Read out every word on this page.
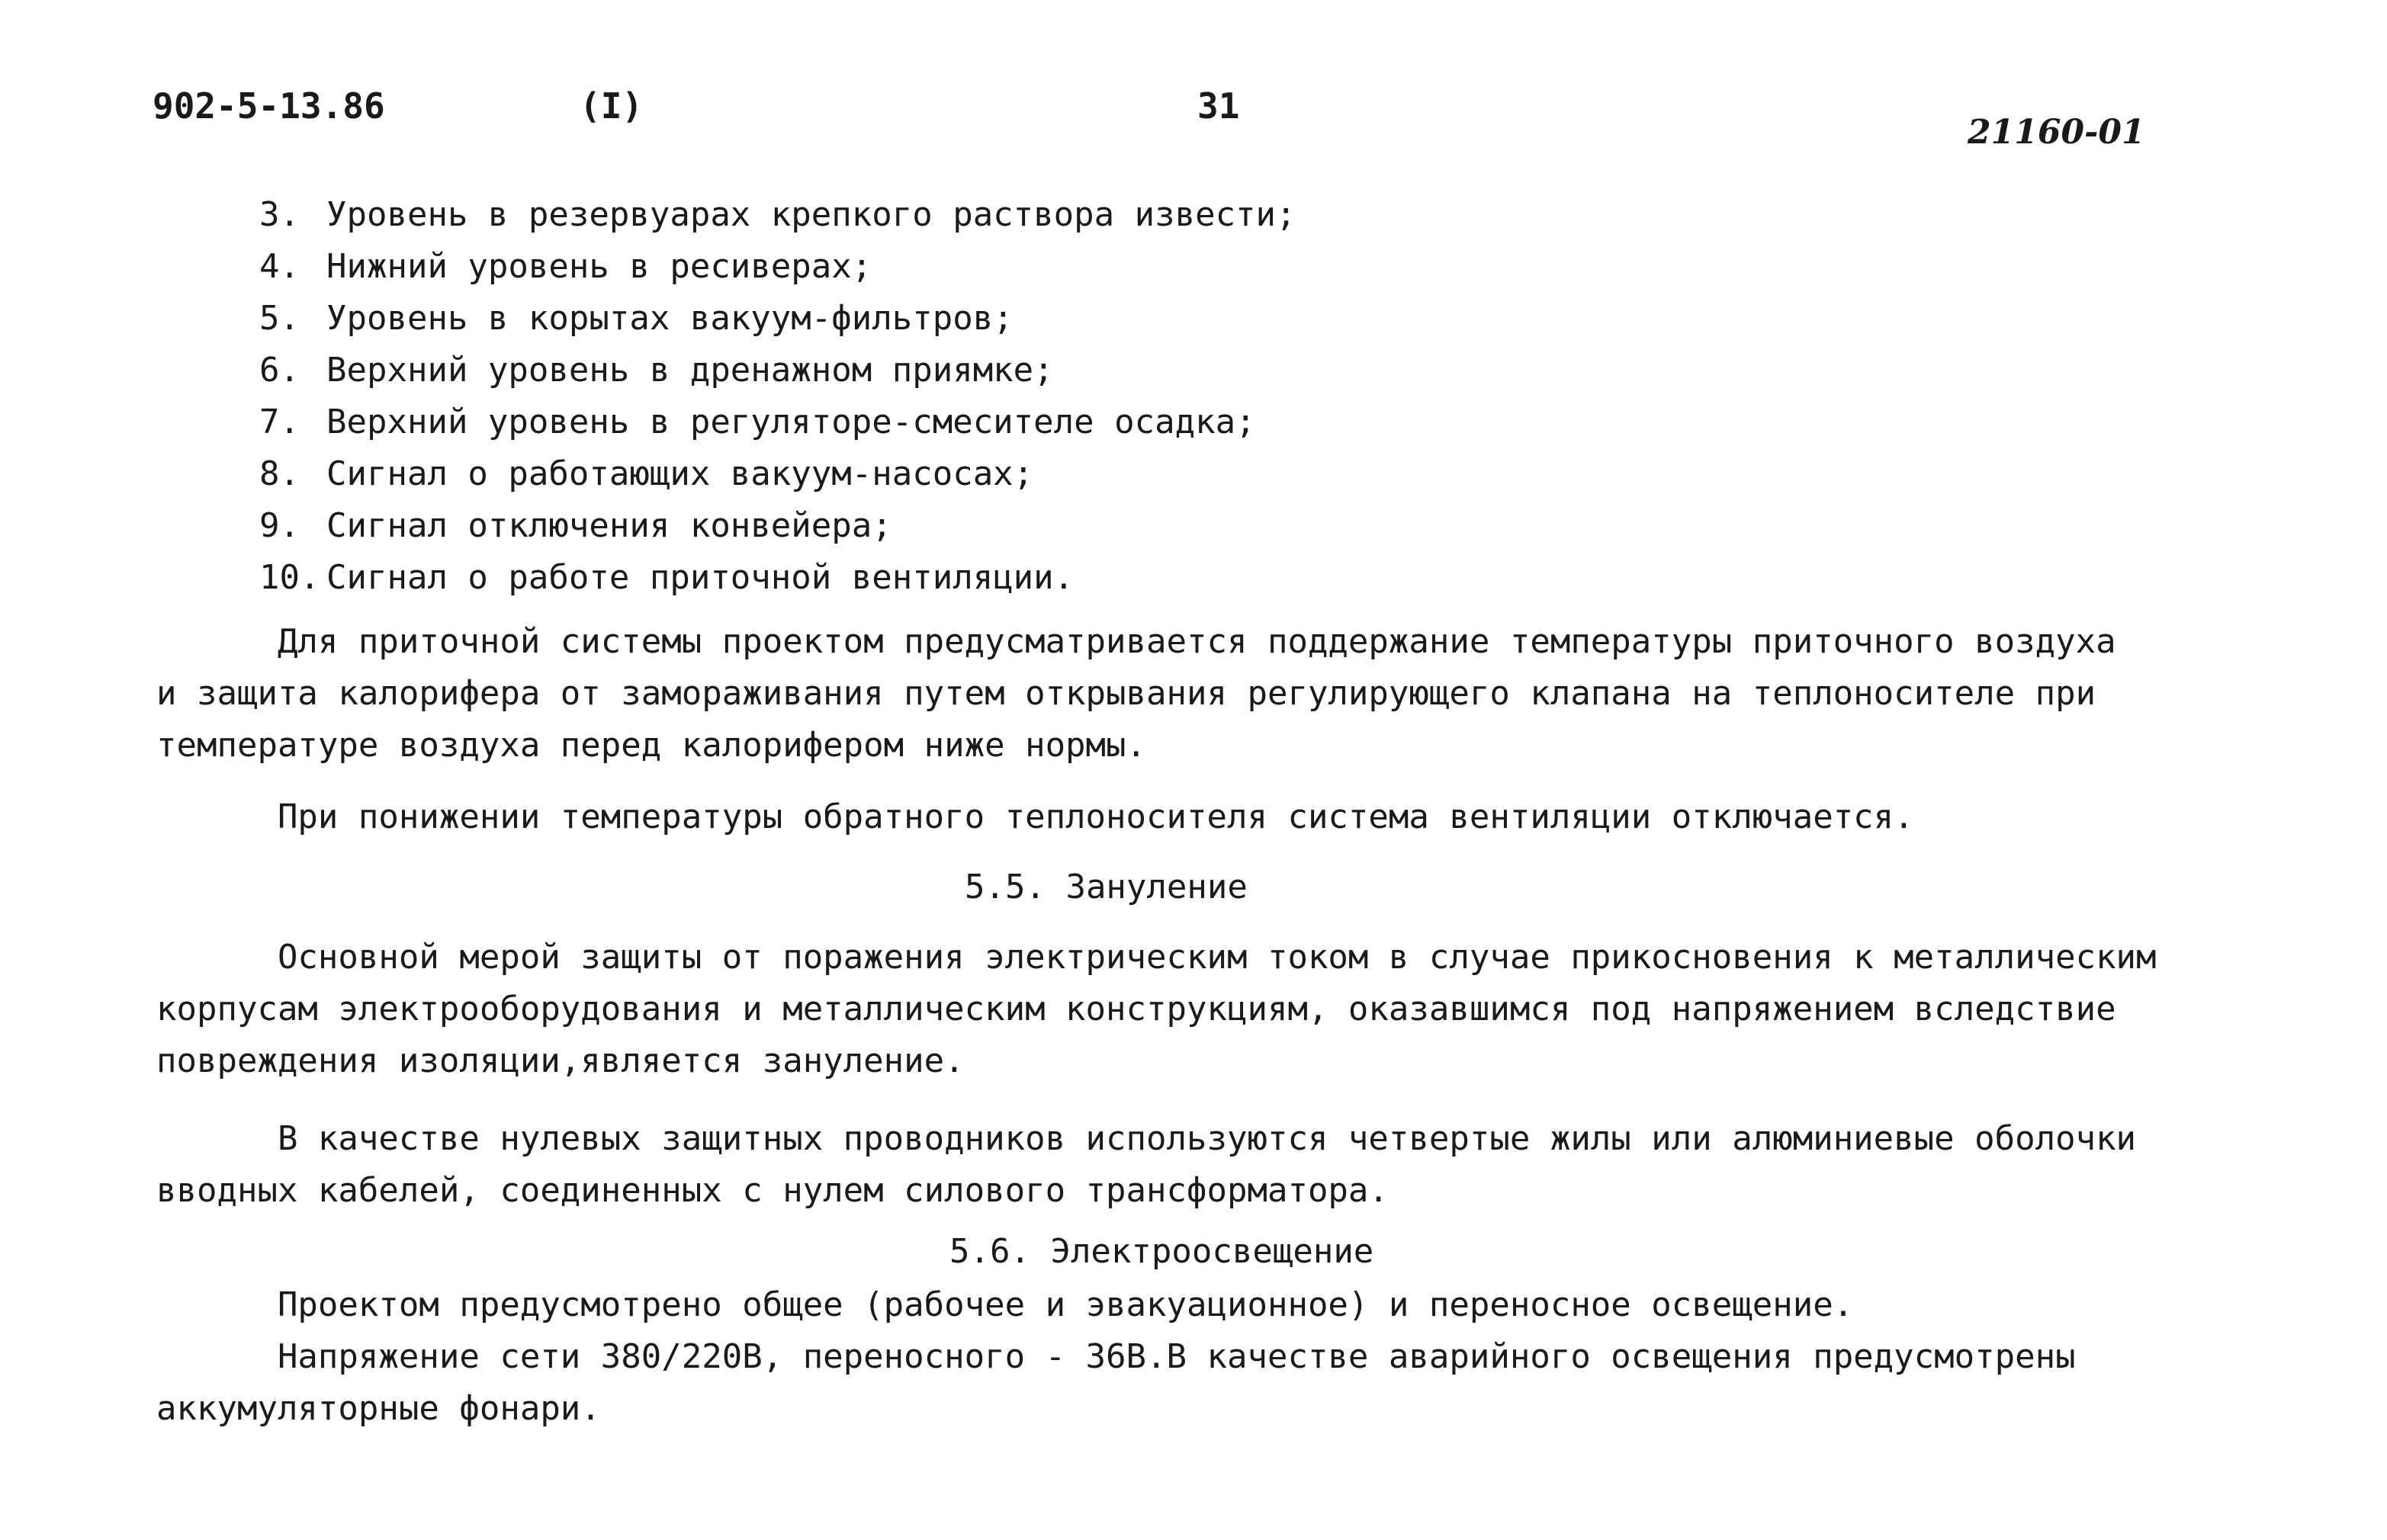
902-5-13.86	(I)	31
21160-01
3. Уровень в резервуарах крепкого раствора извести;
4. Нижний уровень в ресиверах;
5. Уровень в корытах вакуум-фильтров;
6. Верхний уровень в дренажном приямке;
7. Верхний уровень в регуляторе-смесителе осадка;
8. Сигнал о работающих вакуум-насосах;
9. Сигнал отключения конвейера;
10. Сигнал о работе приточной вентиляции.

Для приточной системы проектом предусматривается поддержание температуры приточного воздуха
и защита калорифера от замораживания путем открывания регулирующего клапана на теплоносителе при
температуре воздуха перед калорифером ниже нормы.

При понижении температуры обратного теплоносителя система вентиляции отключается.

5.5. Зануление

Основной мерой защиты от поражения электрическим током в случае прикосновения к металлическим
корпусам электрооборудования и металлическим конструкциям, оказавшимся под напряжением вследствие
повреждения изоляции,является зануление.

В качестве нулевых защитных проводников используются четвертые жилы или алюминиевые оболочки
вводных кабелей, соединенных с нулем силового трансформатора.

5.6. Электроосвещение

Проектом предусмотрено общее (рабочее и эвакуационное) и переносное освещение.

Напряжение сети 380/220В, переносного - 36В.В качестве аварийного освещения предусмотрены
аккумуляторные фонари.
